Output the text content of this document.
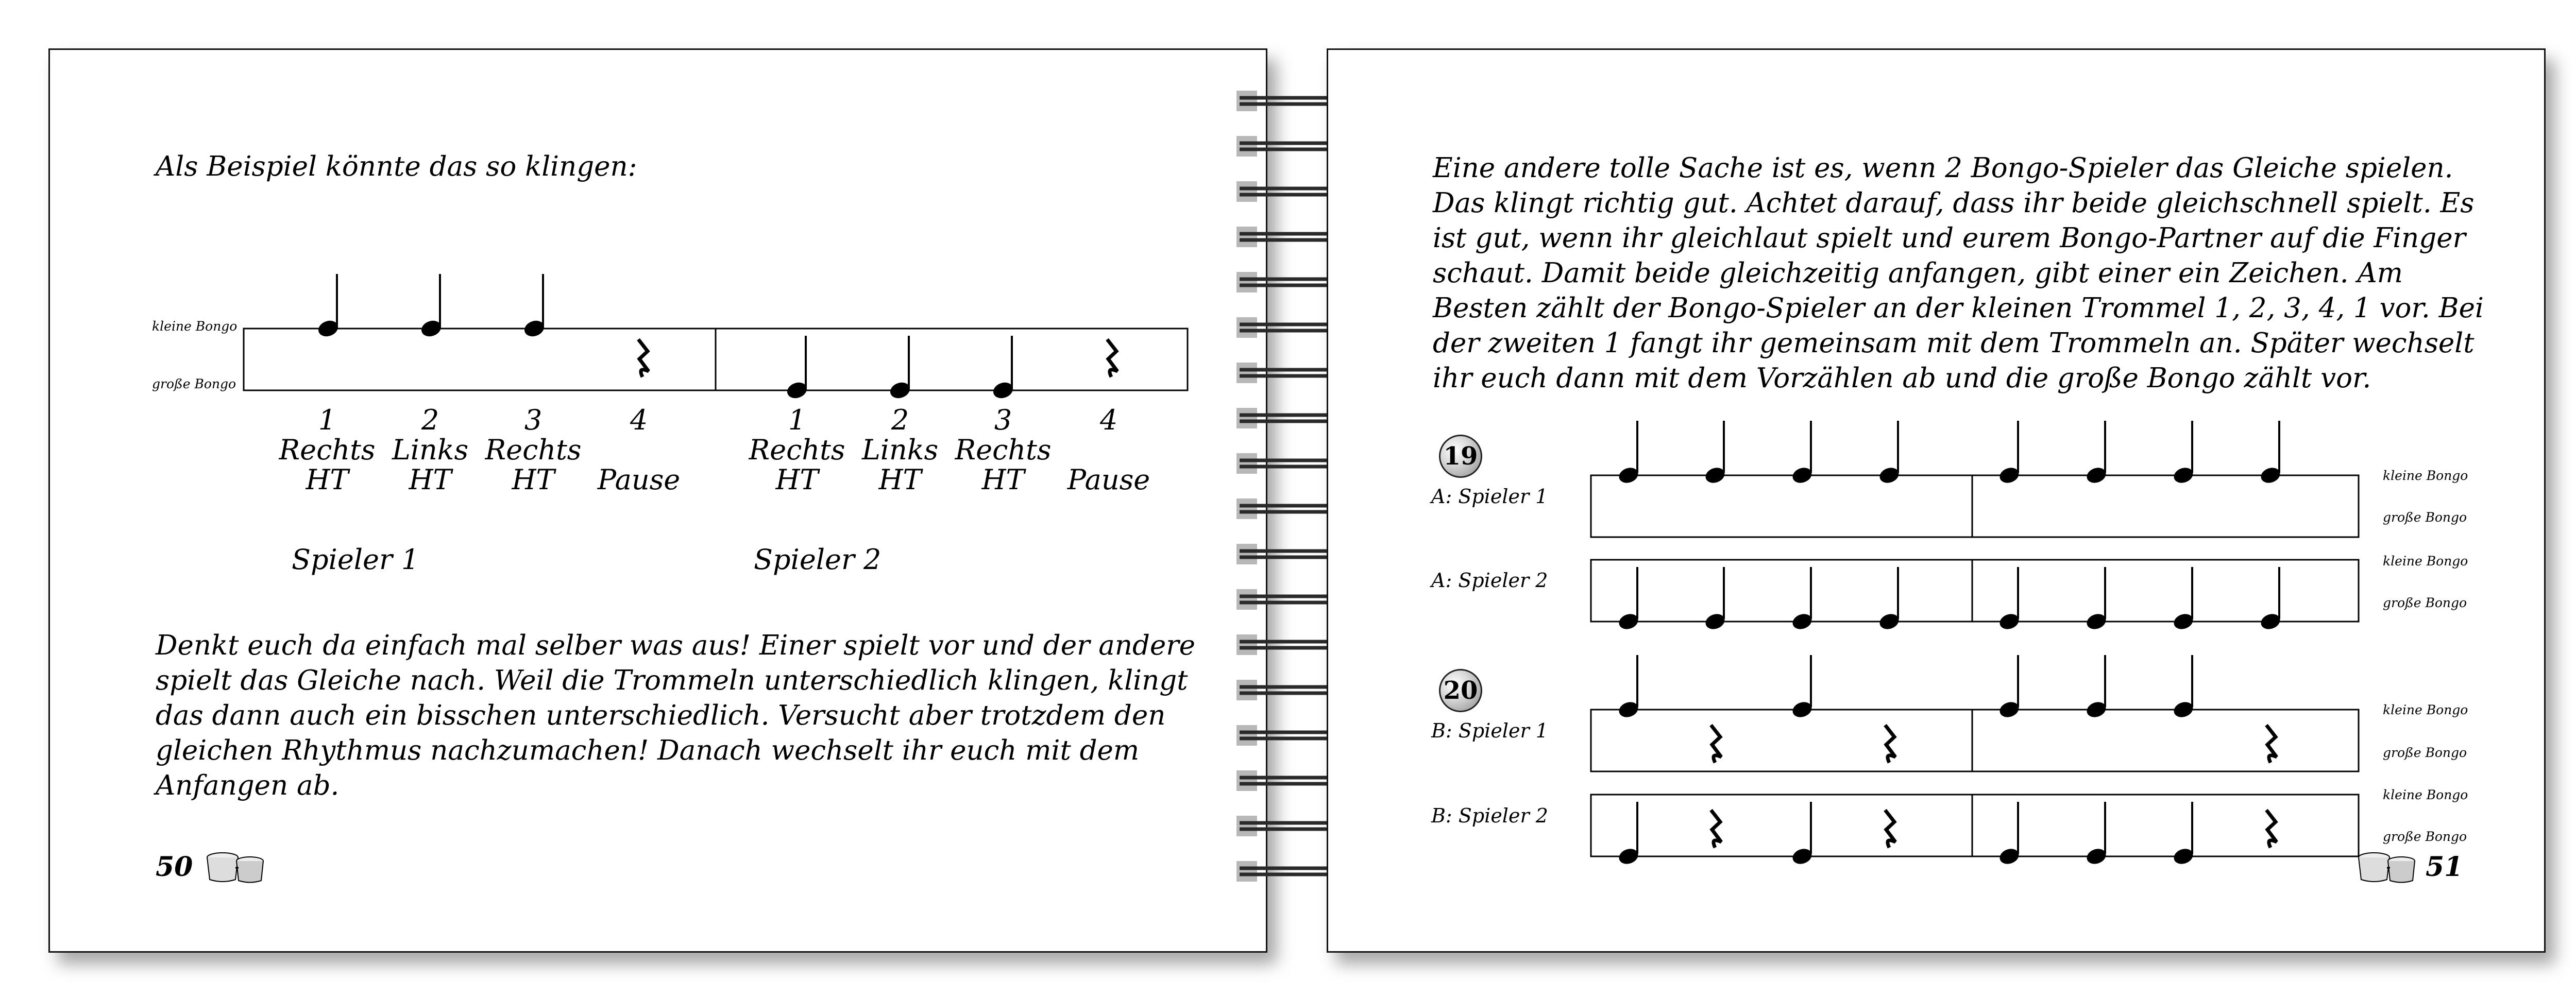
Als Beispiel könnte das so klingen:
kleine Bongo
große Bongo
1
Rechts
HT
2
Links
HT
3
Rechts
HT
4

Pause
1
Rechts
HT
2
Links
HT
3
Rechts
HT
4

Pause
Spieler 1	Spieler 2
Denkt euch da einfach mal selber was aus! Einer spielt vor und der andere
spielt das Gleiche nach. Weil die Trommeln unterschiedlich klingen, klingt
das dann auch ein bisschen unterschiedlich. Versucht aber trotzdem den
gleichen Rhythmus nachzumachen! Danach wechselt ihr euch mit dem
Anfangen ab.
50
Eine andere tolle Sache ist es, wenn 2 Bongo-Spieler das Gleiche spielen.
Das klingt richtig gut. Achtet darauf, dass ihr beide gleichschnell spielt. Es
ist gut, wenn ihr gleichlaut spielt und eurem Bongo-Partner auf die Finger
schaut. Damit beide gleichzeitig anfangen, gibt einer ein Zeichen. Am
Besten zählt der Bongo-Spieler an der kleinen Trommel 1, 2, 3, 4, 1 vor. Bei
der zweiten 1 fangt ihr gemeinsam mit dem Trommeln an. Später wechselt
ihr euch dann mit dem Vorzählen ab und die große Bongo zählt vor.
19
A: Spieler 1
A: Spieler 2
20
B: Spieler 1
B: Spieler 2
kleine Bongo
große Bongo
kleine Bongo
große Bongo
kleine Bongo
große Bongo
kleine Bongo
große Bongo
51
